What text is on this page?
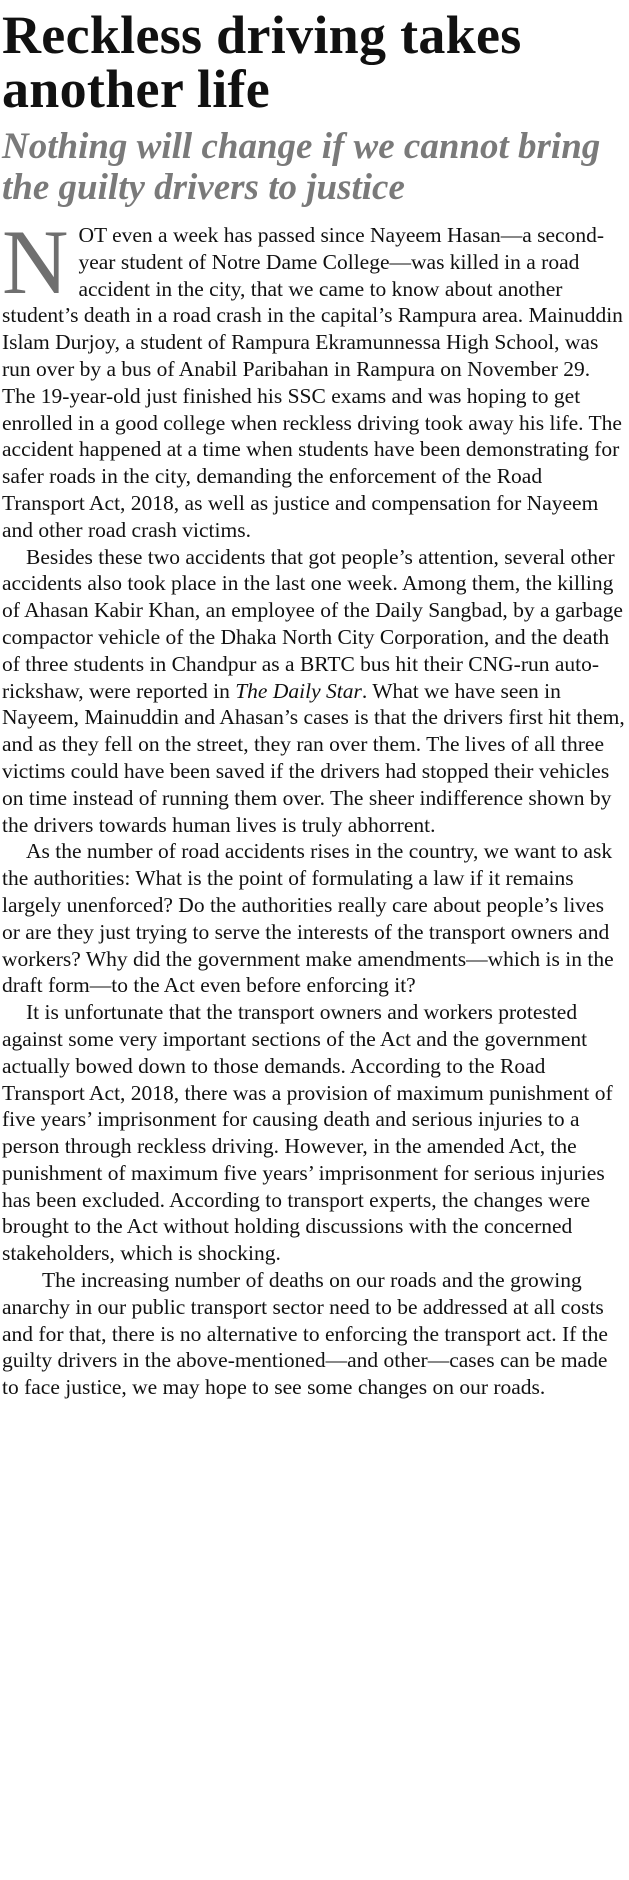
Reckless driving takes another life
Nothing will change if we cannot bring the guilty drivers to justice

NOT even a week has passed since Nayeem Hasan—a second-year student of Notre Dame College—was killed in a road accident in the city, that we came to know about another student’s death in a road crash in the capital’s Rampura area. Mainuddin Islam Durjoy, a student of Rampura Ekramunnessa High School, was run over by a bus of Anabil Paribahan in Rampura on November 29. The 19-year-old just finished his SSC exams and was hoping to get enrolled in a good college when reckless driving took away his life. The accident happened at a time when students have been demonstrating for safer roads in the city, demanding the enforcement of the Road Transport Act, 2018, as well as justice and compensation for Nayeem and other road crash victims.

Besides these two accidents that got people’s attention, several other accidents also took place in the last one week. Among them, the killing of Ahasan Kabir Khan, an employee of the Daily Sangbad, by a garbage compactor vehicle of the Dhaka North City Corporation, and the death of three students in Chandpur as a BRTC bus hit their CNG-run auto-rickshaw, were reported in The Daily Star. What we have seen in Nayeem, Mainuddin and Ahasan’s cases is that the drivers first hit them, and as they fell on the street, they ran over them. The lives of all three victims could have been saved if the drivers had stopped their vehicles on time instead of running them over. The sheer indifference shown by the drivers towards human lives is truly abhorrent.

As the number of road accidents rises in the country, we want to ask the authorities: What is the point of formulating a law if it remains largely unenforced? Do the authorities really care about people’s lives or are they just trying to serve the interests of the transport owners and workers? Why did the government make amendments—which is in the draft form—to the Act even before enforcing it?

It is unfortunate that the transport owners and workers protested against some very important sections of the Act and the government actually bowed down to those demands. According to the Road Transport Act, 2018, there was a provision of maximum punishment of five years’ imprisonment for causing death and serious injuries to a person through reckless driving. However, in the amended Act, the punishment of maximum five years’ imprisonment for serious injuries has been excluded. According to transport experts, the changes were brought to the Act without holding discussions with the concerned stakeholders, which is shocking.

The increasing number of deaths on our roads and the growing anarchy in our public transport sector need to be addressed at all costs and for that, there is no alternative to enforcing the transport act. If the guilty drivers in the above-mentioned—and other—cases can be made to face justice, we may hope to see some changes on our roads.
